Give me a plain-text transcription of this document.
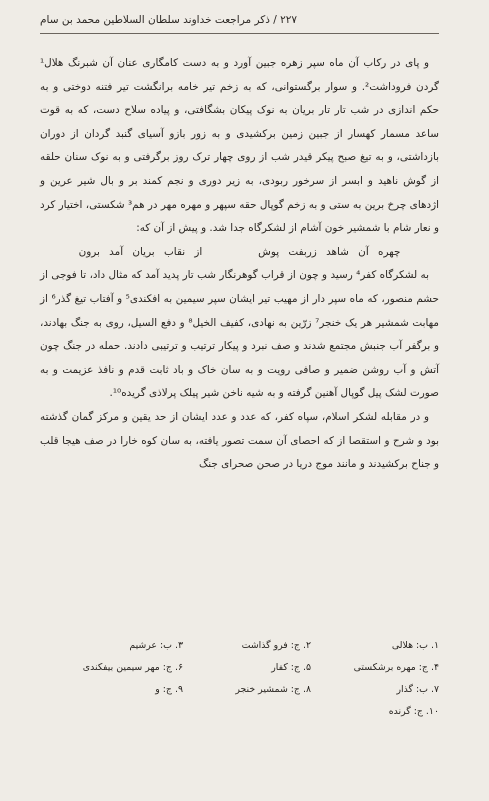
۲۲۷ / ذکر مراجعت خداوند سلطان السلاطین محمد بن سام

و پای در رکاب آن ماه سپر زهره جبین آورد و به دست کامگاری عنان آن شبرنگ هلال¹ گردن فروداشت². و سوار برگستوانی، که به زخم تیر خامه برانگشت تیر فتنه دوختی و به حکم اندازی در شب تار تار بریان به نوک پیکان بشگافتی، و پیاده سلاح دست، که به قوت ساعد مسمار کهسار از جبین زمین برکشیدی و به زور بازو آسیای گنبد گردان از دوران بازداشتی، و به تیغ صبح پیکر قیدر شب از روی چهار ترک روز برگرفتی و به نوک سنان حلقه از گوش ناهید و ابسر از سرخور ربودی، به زیر دوری و نجم کمند بر و بال شیر عرین و اژدهای چرخ برین به ستی و به زخم گوپال حقه سپهر و مهره مهر در هم³ شکستی، اختیار کرد و نعار شام با شمشیر خون آشام از لشکرگاه جدا شد. و پیش از آن که:

چهره آن شاهد زربفت پوش      از نقاب بریان آمد برون

به لشکرگاه کفر⁴ رسید و چون از قراب گوهرنگار شب تار پدید آمد که مثال داد، تا فوجی از حشم منصور، که ماه سپر دار از مهیب تیر ایشان سپر سیمین به افکندی⁵ و آفتاب تیغ گذر⁶ از مهابت شمشیر هر یک خنجر⁷ زرّین به نهادی، کفیف الخیل⁸ و دفع السیل، روی به جنگ بهادند، و برگفر آب جنبش مجتمع شدند و صف نبرد و پیکار ترتیب و ترتیبی دادند. حمله در جنگ چون آتش و آب روشن ضمیر و صافی رویت و به سان خاک و باد ثابت قدم و نافذ عزیمت و به صورت لشک پیل گوپال آهنین گرفته و به شیه ناخن شیر پیلک پرلاذی گریده¹⁰.

و در مقابله لشکر اسلام، سپاه کفر، که عدد و عدد ایشان از حد یقین و مرکز گمان گذشته بود و شرح و استقصا از که احصای آن سمت تصور یافته، به سان کوه خارا در صف هیجا قلب و جناح برکشیدند و مانند موج دریا در صحن صحرای جنگ

۱. ب: هلالی
۲. ج: فرو گذاشت
۳. ب: عرشیم
۴. ج: مهره برشکستی
۵. ج: کفار
۶. ج: مهر سیمین بیفکندی
۷. ب: گذار
۸. ج: شمشیر خنجر
۹. ج: و
۱۰. ج: گرنده
